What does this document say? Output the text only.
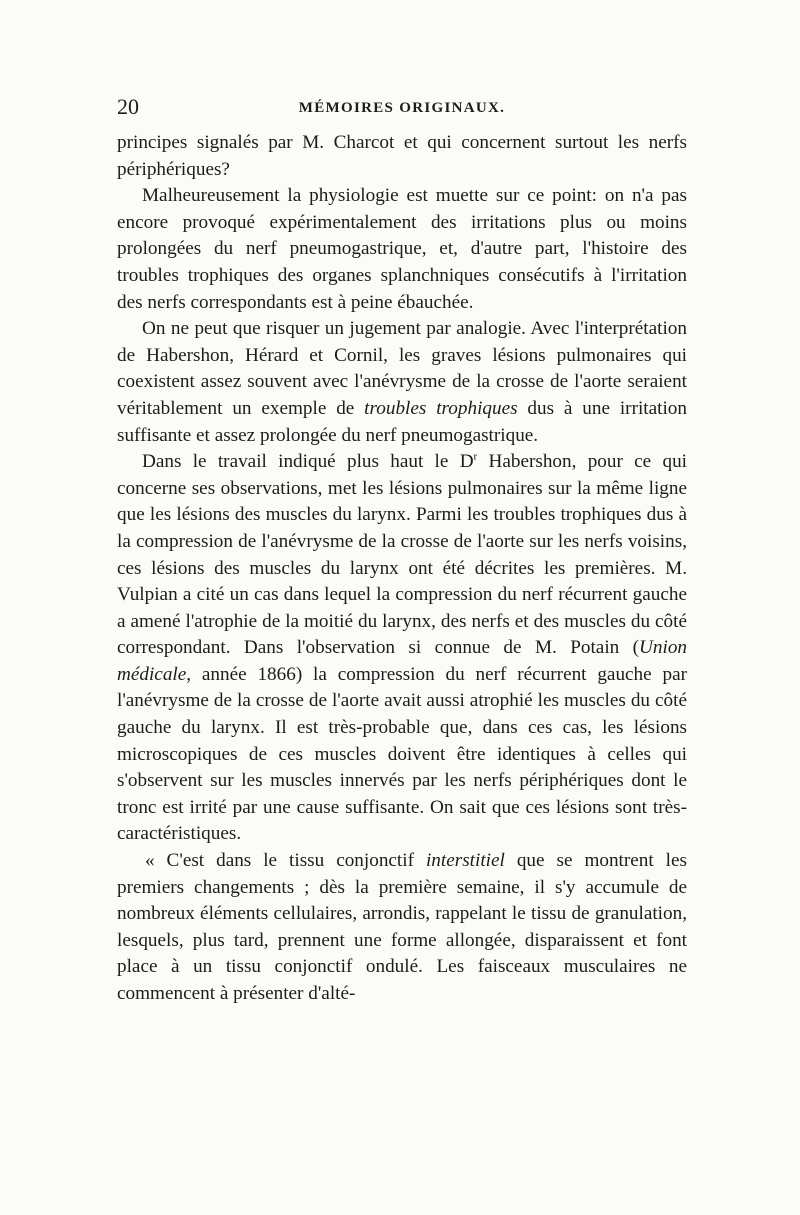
20	MÉMOIRES ORIGINAUX.

principes signalés par M. Charcot et qui concernent surtout les nerfs périphériques?

Malheureusement la physiologie est muette sur ce point: on n'a pas encore provoqué expérimentalement des irritations plus ou moins prolongées du nerf pneumogastrique, et, d'autre part, l'histoire des troubles trophiques des organes splanchniques consécutifs à l'irritation des nerfs correspondants est à peine ébauchée.

On ne peut que risquer un jugement par analogie. Avec l'interprétation de Habershon, Hérard et Cornil, les graves lésions pulmonaires qui coexistent assez souvent avec l'anévrysme de la crosse de l'aorte seraient véritablement un exemple de troubles trophiques dus à une irritation suffisante et assez prolongée du nerf pneumogastrique.

Dans le travail indiqué plus haut le $D^r$ Habershon, pour ce qui concerne ses observations, met les lésions pulmonaires sur la même ligne que les lésions des muscles du larynx. Parmi les troubles trophiques dus à la compression de l'anévrysme de la crosse de l'aorte sur les nerfs voisins, ces lésions des muscles du larynx ont été décrites les premières. M. Vulpian a cité un cas dans lequel la compression du nerf récurrent gauche a amené l'atrophie de la moitié du larynx, des nerfs et des muscles du côté correspondant. Dans l'observation si connue de M. Potain (Union médicale, année 1866) la compression du nerf récurrent gauche par l'anévrysme de la crosse de l'aorte avait aussi atrophié les muscles du côté gauche du larynx. Il est très-probable que, dans ces cas, les lésions microscopiques de ces muscles doivent être identiques à celles qui s'observent sur les muscles innervés par les nerfs périphériques dont le tronc est irrité par une cause suffisante. On sait que ces lésions sont très-caractéristiques.

« C'est dans le tissu conjonctif interstitiel que se montrent les premiers changements ; dès la première semaine, il s'y accumule de nombreux éléments cellulaires, arrondis, rappelant le tissu de granulation, lesquels, plus tard, prennent une forme allongée, disparaissent et font place à un tissu conjonctif ondulé. Les faisceaux musculaires ne commencent à présenter d'alté-
